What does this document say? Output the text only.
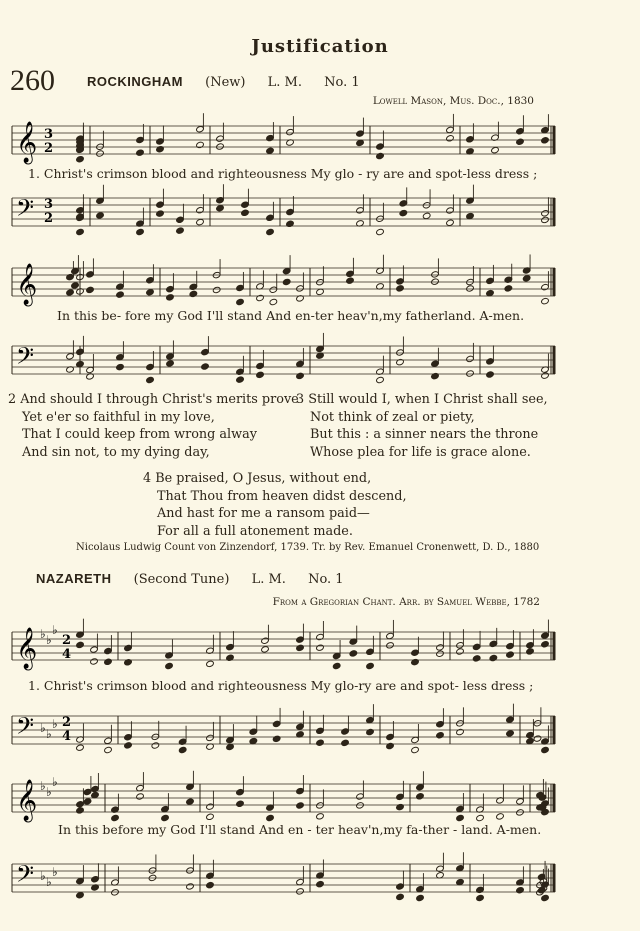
Justification
260 ROCKINGHAM (New) L. M. No. 1
Lowell Mason, Mus. Doc., 1830
𝄞 3
2
1. Christ's crimson blood and righteousness My glo - ry are and spot-less dress ;
𝄢 3
2
𝄞
In this be- fore my God I'll stand And en-ter heav'n,my fatherland. A-men.
𝄢
2 And should I through Christ's merits prove
Yet e'er so faithful in my love,
That I could keep from wrong alway
And sin not, to my dying day,
3 Still would I, when I Christ shall see,
Not think of zeal or piety,
But this : a sinner nears the throne
Whose plea for life is grace alone.
4 Be praised, O Jesus, without end,
That Thou from heaven didst descend,
And hast for me a ransom paid—
For all a full atonement made.
Nicolaus Ludwig Count von Zinzendorf, 1739. Tr. by Rev. Emanuel Cronenwett, D. D., 1880
NAZARETH (Second Tune) L. M. No. 1
From a Gregorian Chant. Arr. by Samuel Webbe, 1782
𝄞 ♭ ♭
♭
2
4
1. Christ's crimson blood and righteousness My glo-ry are and spot- less dress ;
𝄢 ♭ ♭
♭ 2
4
𝄞 ♭ ♭
♭
In this before my God I'll stand And en - ter heav'n,my fa-ther - land. A-men.
𝄢 ♭ ♭
♭
